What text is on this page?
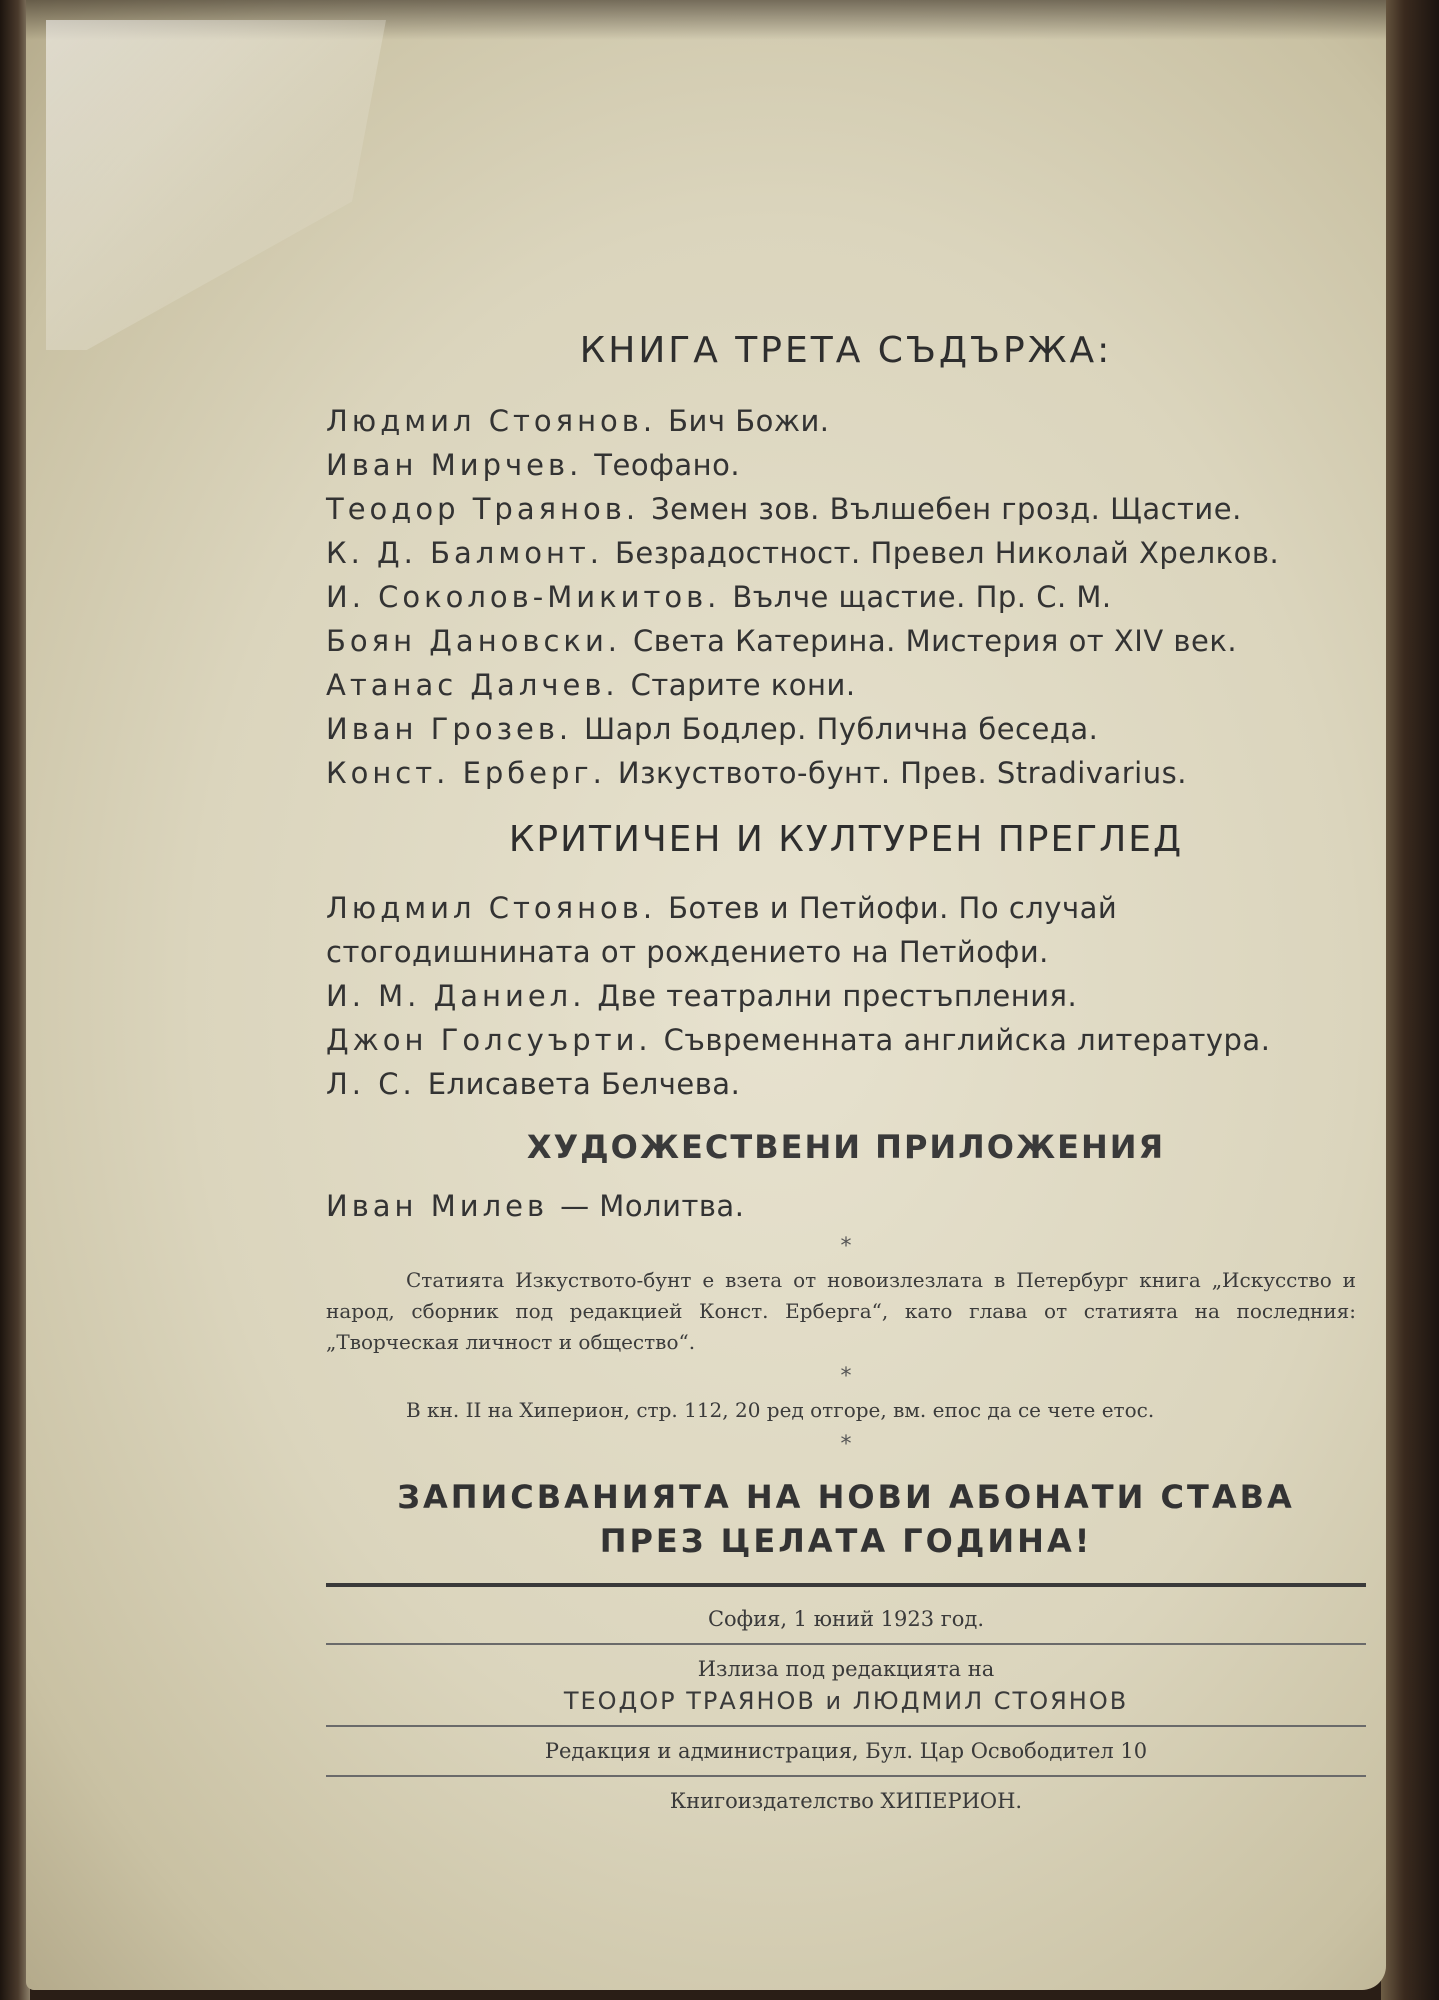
КНИГА ТРЕТА СЪДЪРЖА:
Людмил Стоянов. Бич Божи.
Иван Мирчев. Теофано.
Теодор Траянов. Земен зов. Вълшебен грозд. Щастие.
К. Д. Балмонт. Безрадостност. Превел Николай Хрелков.
И. Соколов-Микитов. Вълче щастие. Пр. С. М.
Боян Дановски. Света Катерина. Мистерия от XIV век.
Атанас Далчев. Старите кони.
Иван Грозев. Шарл Бодлер. Публична беседа.
Конст. Ерберг. Изкуството-бунт. Прев. Stradivarius.
КРИТИЧЕН И КУЛТУРЕН ПРЕГЛЕД
Людмил Стоянов. Ботев и Петйофи. По случай стогодишнината от рождението на Петйофи.
И. М. Даниел. Две театрални престъпления.
Джон Голсуърти. Съвременната английска литература.
Л. С. Елисавета Белчева.
ХУДОЖЕСТВЕНИ ПРИЛОЖЕНИЯ
Иван Милев — Молитва.
*

Статията Изкуството-бунт е взета от новоизлезлата в Петербург книга „Искусство и народ, сборник под редакцией Конст. Ерберга“, като глава от статията на последния: „Творческая личност и общество“.

*

В кн. II на Хиперион, стр. 112, 20 ред отгоре, вм. епос да се чете етос.

*
ЗАПИСВАНИЯТА НА НОВИ АБОНАТИ СТАВА
ПРЕЗ ЦЕЛАТА ГОДИНА!
София, 1 юний 1923 год.
Излиза под редакцията на
ТЕОДОР ТРАЯНОВ и ЛЮДМИЛ СТОЯНОВ
Редакция и администрация, Бул. Цар Освободител 10
Книгоиздателство ХИПЕРИОН.
